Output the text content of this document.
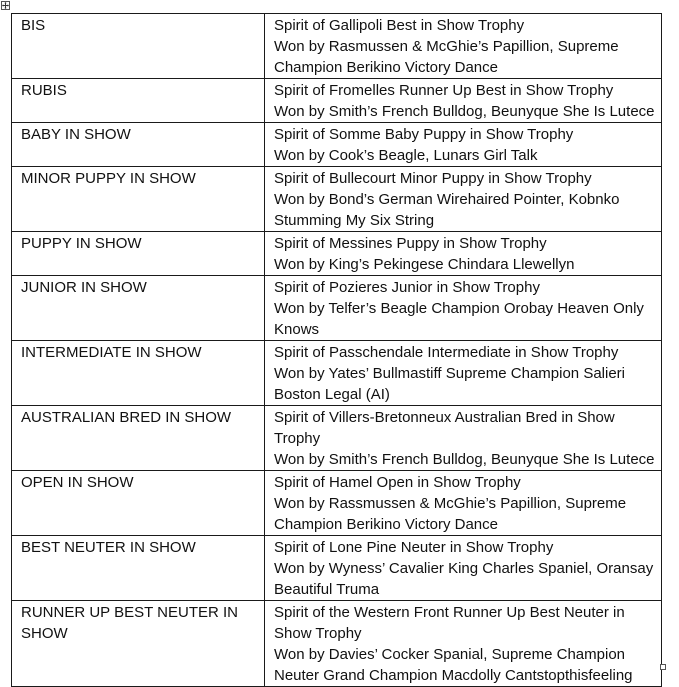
BIS	Spirit of Gallipoli Best in Show Trophy
Won by Rasmussen & McGhie’s Papillion, Supreme Champion Berikino Victory Dance

RUBIS	Spirit of Fromelles Runner Up Best in Show Trophy
Won by Smith’s French Bulldog, Beunyque She Is Lutece

BABY IN SHOW	Spirit of Somme Baby Puppy in Show Trophy
Won by Cook’s Beagle, Lunars Girl Talk

MINOR PUPPY IN SHOW	Spirit of Bullecourt Minor Puppy in Show Trophy
Won by Bond’s German Wirehaired Pointer, Kobnko Stumming My Six String

PUPPY IN SHOW	Spirit of Messines Puppy in Show Trophy
Won by King’s Pekingese Chindara Llewellyn

JUNIOR IN SHOW	Spirit of Pozieres Junior in Show Trophy
Won by Telfer’s Beagle Champion Orobay Heaven Only Knows

INTERMEDIATE IN SHOW	Spirit of Passchendale Intermediate in Show Trophy
Won by Yates’ Bullmastiff Supreme Champion Salieri Boston Legal (AI)

AUSTRALIAN BRED IN SHOW	Spirit of Villers-Bretonneux Australian Bred in Show Trophy
Won by Smith’s French Bulldog, Beunyque She Is Lutece

OPEN IN SHOW	Spirit of Hamel Open in Show Trophy
Won by Rassmussen & McGhie’s Papillion, Supreme Champion Berikino Victory Dance

BEST NEUTER IN SHOW	Spirit of Lone Pine Neuter in Show Trophy
Won by Wyness’ Cavalier King Charles Spaniel, Oransay Beautiful Truma

RUNNER UP BEST NEUTER IN SHOW	Spirit of the Western Front Runner Up Best Neuter in Show Trophy
Won by Davies’ Cocker Spanial, Supreme Champion Neuter Grand Champion Macdolly Cantstopthisfeeling
